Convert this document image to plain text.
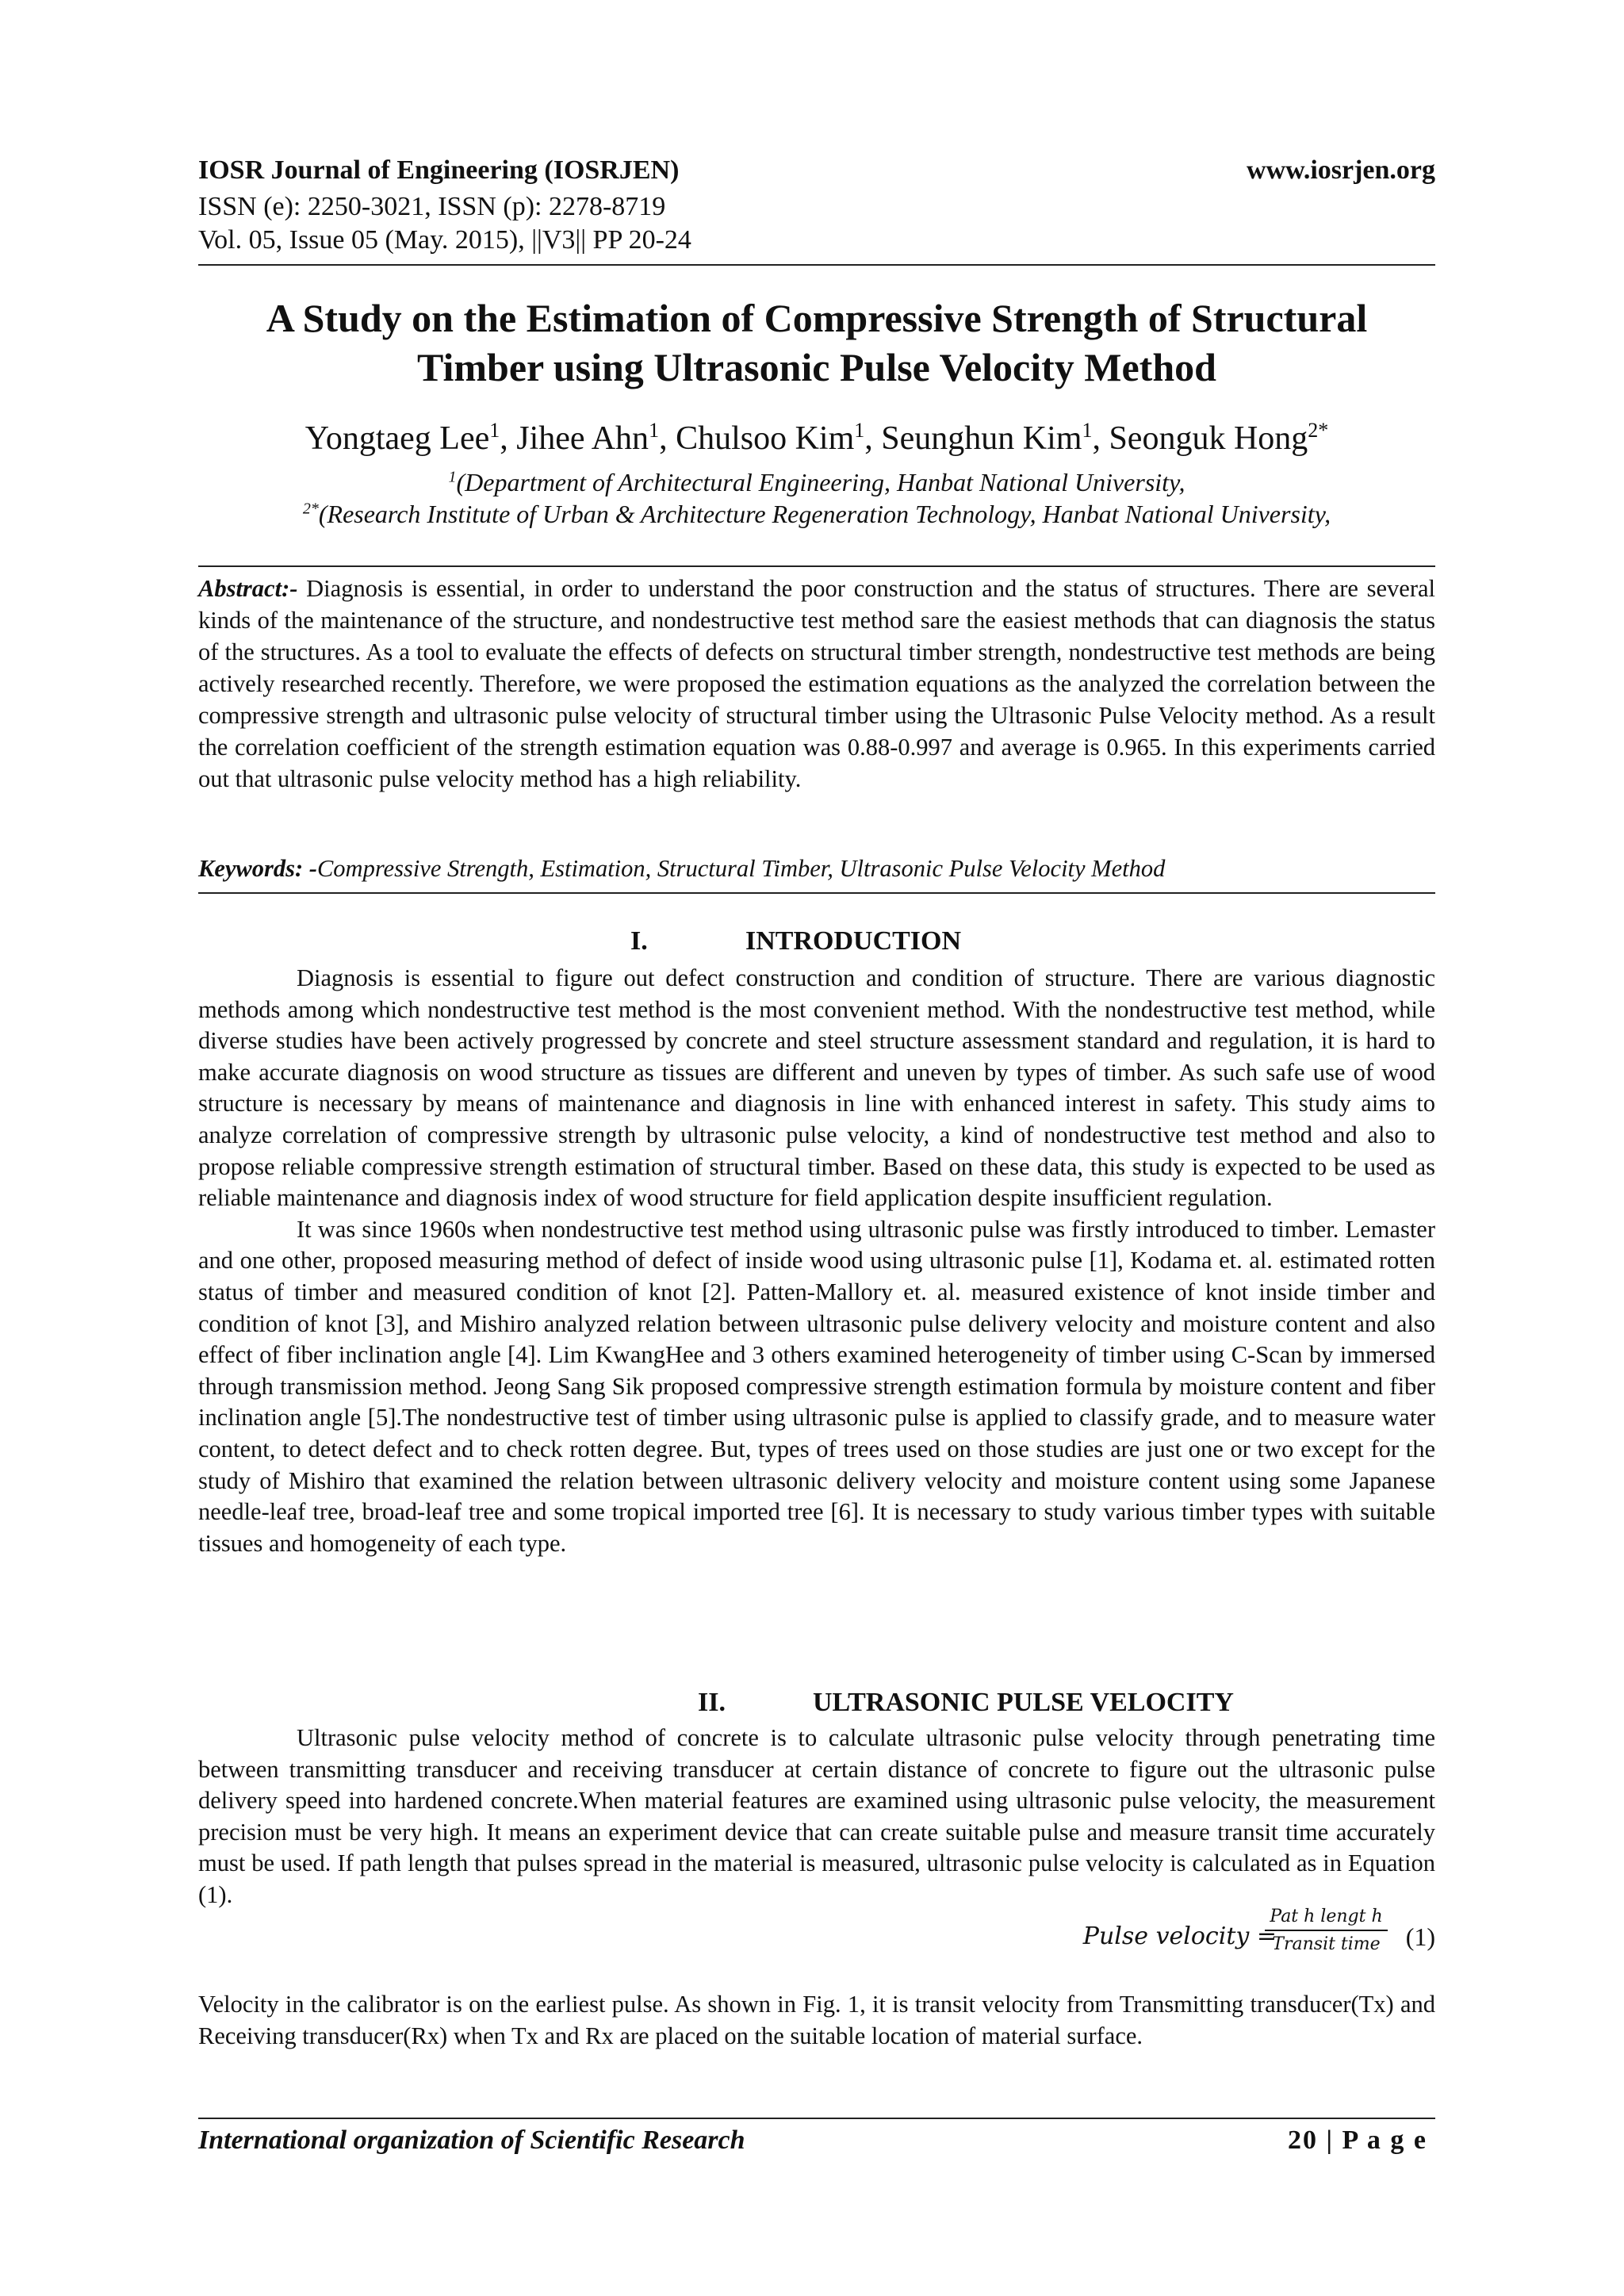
IOSR Journal of Engineering (IOSRJEN)	www.iosrjen.org
ISSN (e): 2250-3021, ISSN (p): 2278-8719
Vol. 05, Issue 05 (May. 2015), ||V3|| PP 20-24
A Study on the Estimation of Compressive Strength of Structural
Timber using Ultrasonic Pulse Velocity Method
Yongtaeg Lee$^1$, Jihee Ahn$^1$, Chulsoo Kim$^1$, Seunghun Kim$^1$, Seonguk Hong$^{2*}$
$^1$(Department of Architectural Engineering, Hanbat National University,
$^{2*}$(Research Institute of Urban & Architecture Regeneration Technology, Hanbat National University,
Abstract:- Diagnosis is essential, in order to understand the poor construction and the status of structures. There are several kinds of the maintenance of the structure, and nondestructive test method sare the easiest methods that can diagnosis the status of the structures. As a tool to evaluate the effects of defects on structural timber strength, nondestructive test methods are being actively researched recently. Therefore, we were proposed the estimation equations as the analyzed the correlation between the compressive strength and ultrasonic pulse velocity of structural timber using the Ultrasonic Pulse Velocity method. As a result the correlation coefficient of the strength estimation equation was 0.88-0.997 and average is 0.965. In this experiments carried out that ultrasonic pulse velocity method has a high reliability.
Keywords: -Compressive Strength, Estimation, Structural Timber, Ultrasonic Pulse Velocity Method
I.	INTRODUCTION

Diagnosis is essential to figure out defect construction and condition of structure. There are various diagnostic methods among which nondestructive test method is the most convenient method. With the nondestructive test method, while diverse studies have been actively progressed by concrete and steel structure assessment standard and regulation, it is hard to make accurate diagnosis on wood structure as tissues are different and uneven by types of timber. As such safe use of wood structure is necessary by means of maintenance and diagnosis in line with enhanced interest in safety. This study aims to analyze correlation of compressive strength by ultrasonic pulse velocity, a kind of nondestructive test method and also to propose reliable compressive strength estimation of structural timber. Based on these data, this study is expected to be used as reliable maintenance and diagnosis index of wood structure for field application despite insufficient regulation.

It was since 1960s when nondestructive test method using ultrasonic pulse was firstly introduced to timber. Lemaster and one other, proposed measuring method of defect of inside wood using ultrasonic pulse [1], Kodama et. al. estimated rotten status of timber and measured condition of knot [2]. Patten-Mallory et. al. measured existence of knot inside timber and condition of knot [3], and Mishiro analyzed relation between ultrasonic pulse delivery velocity and moisture content and also effect of fiber inclination angle [4]. Lim KwangHee and 3 others examined heterogeneity of timber using C-Scan by immersed through transmission method. Jeong Sang Sik proposed compressive strength estimation formula by moisture content and fiber inclination angle [5].The nondestructive test of timber using ultrasonic pulse is applied to classify grade, and to measure water content, to detect defect and to check rotten degree. But, types of trees used on those studies are just one or two except for the study of Mishiro that examined the relation between ultrasonic delivery velocity and moisture content using some Japanese needle-leaf tree, broad-leaf tree and some tropical imported tree [6]. It is necessary to study various timber types with suitable tissues and homogeneity of each type.

II.	ULTRASONIC PULSE VELOCITY

Ultrasonic pulse velocity method of concrete is to calculate ultrasonic pulse velocity through penetrating time between transmitting transducer and receiving transducer at certain distance of concrete to figure out the ultrasonic pulse delivery speed into hardened concrete.When material features are examined using ultrasonic pulse velocity, the measurement precision must be very high. It means an experiment device that can create suitable pulse and measure transit time accurately must be used. If path length that pulses spread in the material is measured, ultrasonic pulse velocity is calculated as in Equation (1).

Pulse velocity =
Pat h lengt h
Transit time (1)

Velocity in the calibrator is on the earliest pulse. As shown in Fig. 1, it is transit velocity from Transmitting transducer(Tx) and Receiving transducer(Rx) when Tx and Rx are placed on the suitable location of material surface.

International organization of Scientific Research	20 | P a g e
